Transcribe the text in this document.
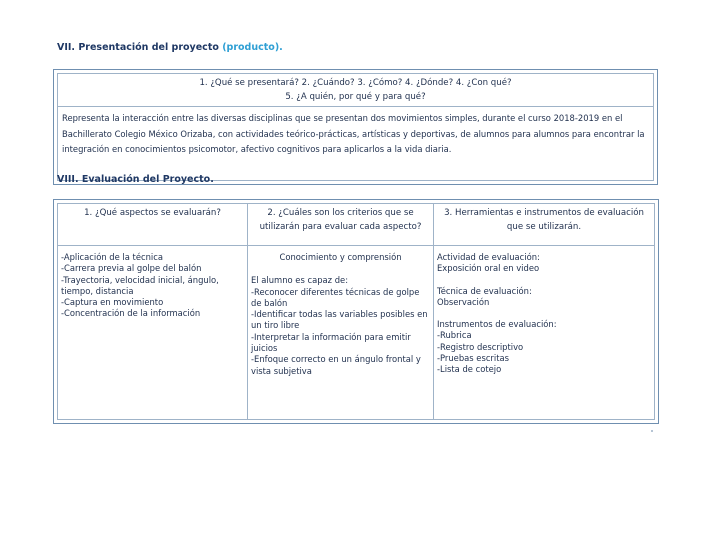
VII. Presentación del proyecto (producto).
1. ¿Qué se presentará? 2. ¿Cuándo? 3. ¿Cómo? 4. ¿Dónde? 4. ¿Con qué?
5. ¿A quién, por qué y para qué?
Representa la interacción entre las diversas disciplinas que se presentan dos movimientos simples, durante el curso 2018-2019 en el Bachillerato Colegio México Orizaba, con actividades teórico-prácticas, artísticas y deportivas, de alumnos para alumnos para encontrar la integración en conocimientos psicomotor, afectivo cognitivos para aplicarlos a la vida diaria.
VIII. Evaluación del Proyecto.
1. ¿Qué aspectos se evaluarán?
-Aplicación de la técnica
-Carrera previa al golpe del balón
-Trayectoria, velocidad inicial, ángulo,
tiempo, distancia
-Captura en movimiento
-Concentración de la información
2. ¿Cuáles son los criterios que se utilizarán para evaluar cada aspecto?
Conocimiento y comprensión
El alumno es capaz de:
-Reconocer diferentes técnicas de golpe de balón
-Identificar todas las variables posibles en un tiro libre
-Interpretar la información para emitir juicios
-Enfoque correcto en un ángulo frontal y vista subjetiva
3. Herramientas e instrumentos de evaluación que se utilizarán.
Actividad de evaluación:
Exposición oral en video
Técnica de evaluación:
Observación
Instrumentos de evaluación:
-Rubrica
-Registro descriptivo
-Pruebas escritas
-Lista de cotejo
